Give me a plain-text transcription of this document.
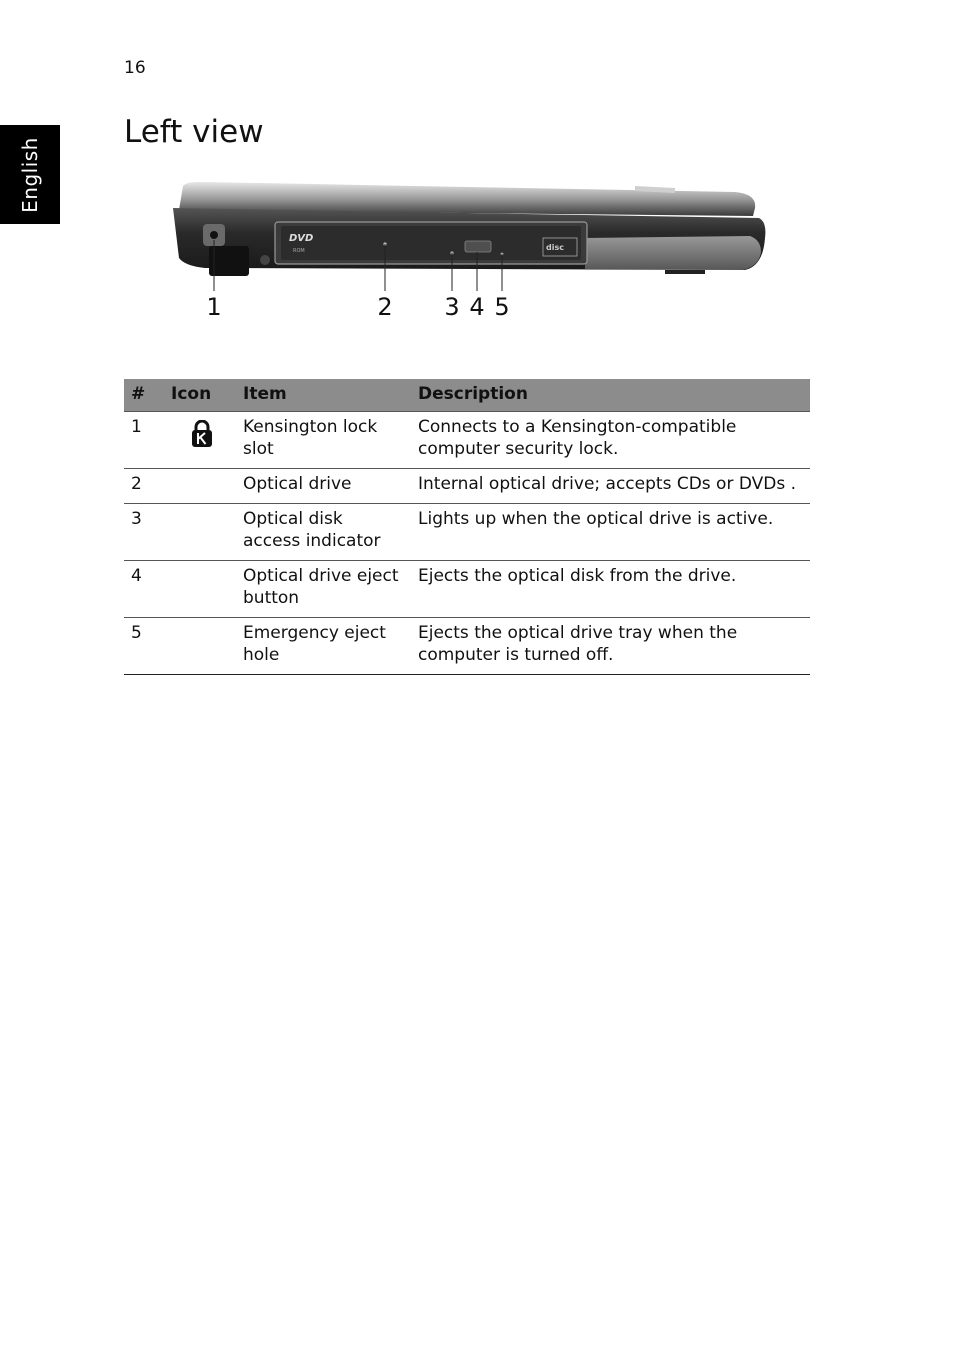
16
English
Left view
DVD
ROM	disc
1	2 3 4 5
#	Icon	Item	Description
1		Kensington lock slot	Connects to a Kensington-compatible computer security lock.
2		Optical drive	Internal optical drive; accepts CDs or DVDs .
3		Optical disk access indicator	Lights up when the optical drive is active.
4		Optical drive eject button	Ejects the optical disk from the drive.
5		Emergency eject hole	Ejects the optical drive tray when the computer is turned off.
